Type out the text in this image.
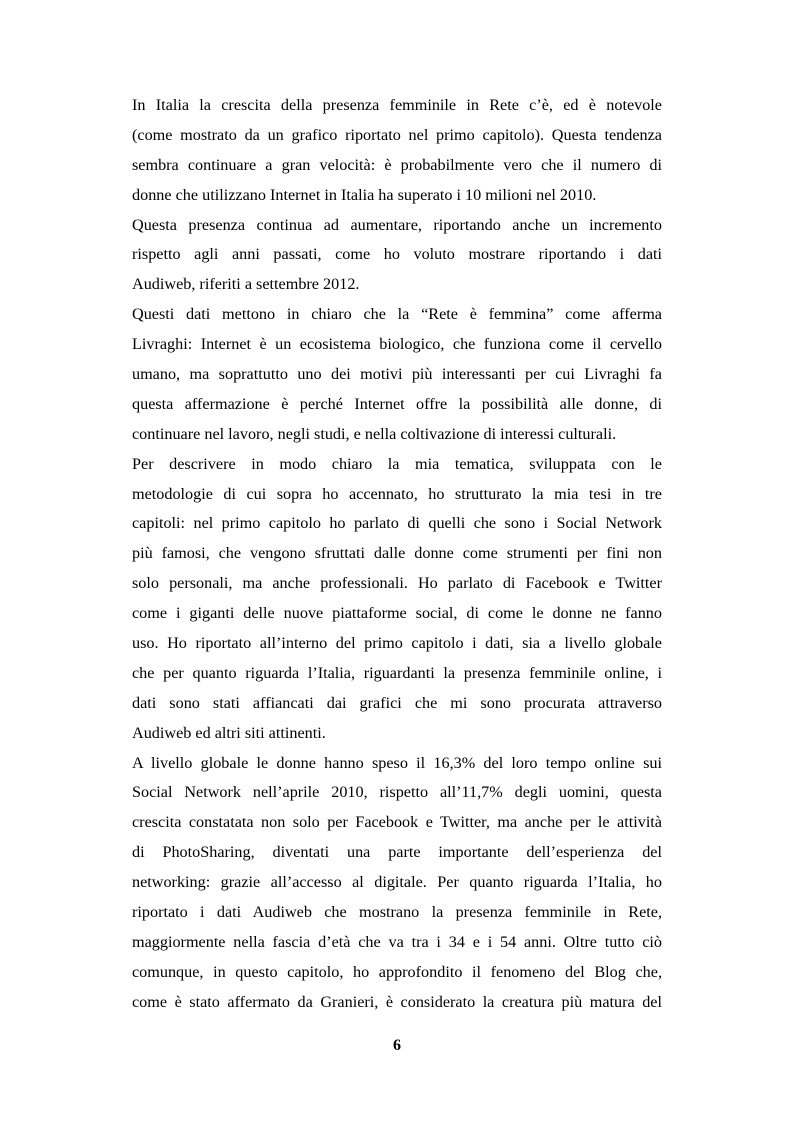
In Italia la crescita della presenza femminile in Rete c’è, ed è notevole
(come mostrato da un grafico riportato nel primo capitolo). Questa tendenza
sembra continuare a gran velocità: è probabilmente vero che il numero di
donne che utilizzano Internet in Italia ha superato i 10 milioni nel 2010.
Questa presenza continua ad aumentare, riportando anche un incremento
rispetto agli anni passati, come ho voluto mostrare riportando i dati
Audiweb, riferiti a settembre 2012.
Questi dati mettono in chiaro che la “Rete è femmina” come afferma
Livraghi: Internet è un ecosistema biologico, che funziona come il cervello
umano, ma soprattutto uno dei motivi più interessanti per cui Livraghi fa
questa affermazione è perché Internet offre la possibilità alle donne, di
continuare nel lavoro, negli studi, e nella coltivazione di interessi culturali.
Per descrivere in modo chiaro la mia tematica, sviluppata con le
metodologie di cui sopra ho accennato, ho strutturato la mia tesi in tre
capitoli: nel primo capitolo ho parlato di quelli che sono i Social Network
più famosi, che vengono sfruttati dalle donne come strumenti per fini non
solo personali, ma anche professionali. Ho parlato di Facebook e Twitter
come i giganti delle nuove piattaforme social, di come le donne ne fanno
uso. Ho riportato all’interno del primo capitolo i dati, sia a livello globale
che per quanto riguarda l’Italia, riguardanti la presenza femminile online, i
dati sono stati affiancati dai grafici che mi sono procurata attraverso
Audiweb ed altri siti attinenti.
A livello globale le donne hanno speso il 16,3% del loro tempo online sui
Social Network nell’aprile 2010, rispetto all’11,7% degli uomini, questa
crescita constatata non solo per Facebook e Twitter, ma anche per le attività
di PhotoSharing, diventati una parte importante dell’esperienza del
networking: grazie all’accesso al digitale. Per quanto riguarda l’Italia, ho
riportato i dati Audiweb che mostrano la presenza femminile in Rete,
maggiormente nella fascia d’età che va tra i 34 e i 54 anni. Oltre tutto ciò
comunque, in questo capitolo, ho approfondito il fenomeno del Blog che,
come è stato affermato da Granieri, è considerato la creatura più matura del
6
